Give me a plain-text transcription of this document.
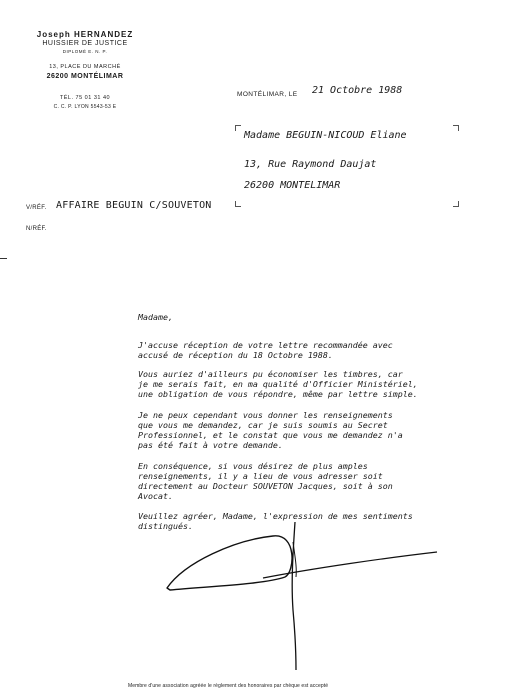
Joseph HERNANDEZ
HUISSIER DE JUSTICE
DIPLOMÉ E. N. P.
13, PLACE DU MARCHÉ
26200 MONTÉLIMAR
TÉL. 75 01 31 40
C. C. P. LYON 5543-53 E
MONTÉLIMAR, LE 21 Octobre 1988
Madame BEGUIN-NICOUD Eliane
13, Rue Raymond Daujat
26200 MONTELIMAR
V/RÉF. AFFAIRE BEGUIN C/SOUVETON
N/RÉF.
Madame,
J'accuse réception de votre lettre recommandée avec
accusé de réception du 18 Octobre 1988.
Vous auriez d'ailleurs pu économiser les timbres, car
je me serais fait, en ma qualité d'Officier Ministériel,
une obligation de vous répondre, même par lettre simple.
Je ne peux cependant vous donner les renseignements
que vous me demandez, car je suis soumis au Secret
Professionnel, et le constat que vous me demandez n'a
pas été fait à votre demande.
En conséquence, si vous désirez de plus amples
renseignements, il y a lieu de vous adresser soit
directement au Docteur SOUVETON Jacques, soit à son
Avocat.
Veuillez agréer, Madame, l'expression de mes sentiments
distingués.
Membre d'une association agréée le règlement des honoraires par chèque est accepté
